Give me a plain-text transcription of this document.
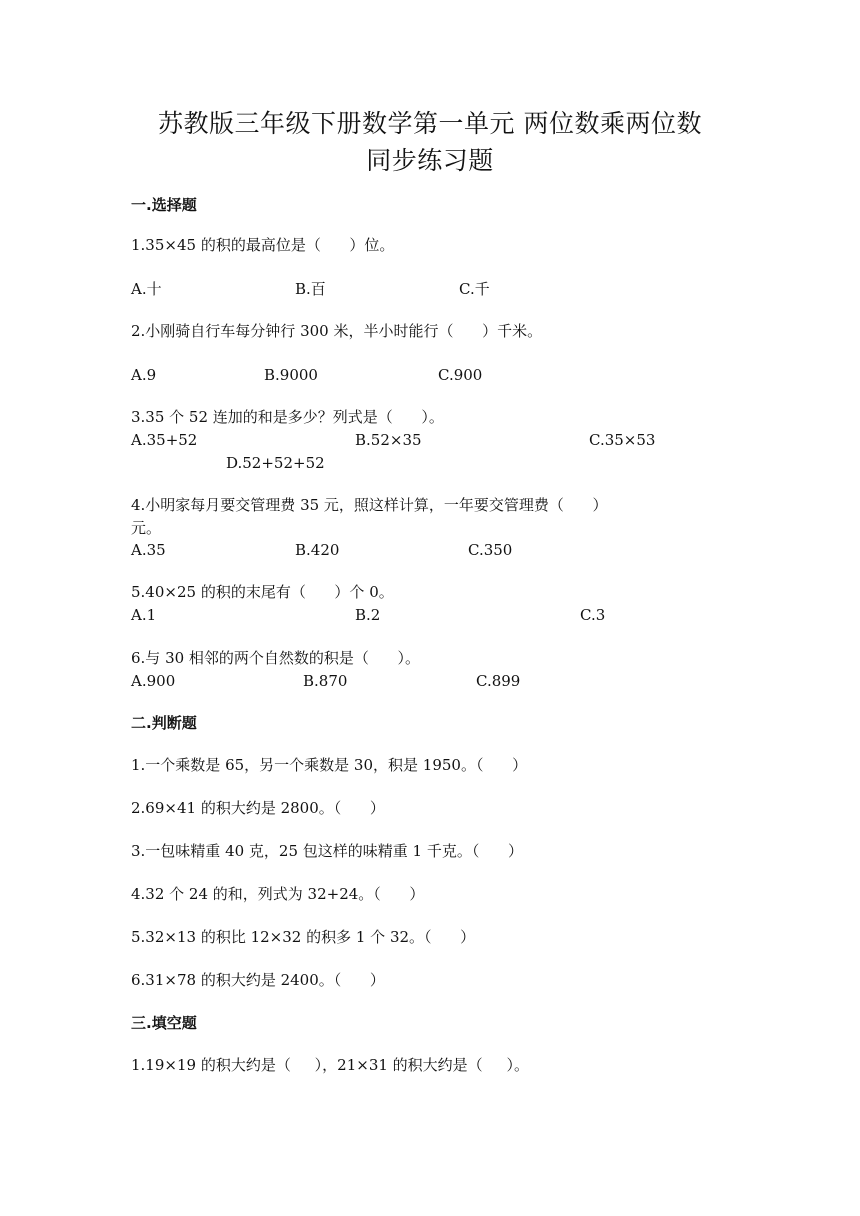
苏教版三年级下册数学第一单元 两位数乘两位数
同步练习题
一.选择题
1.35×45 的积的最高位是（      ）位。
A.十	B.百	C.千
2.小刚骑自行车每分钟行 300 米，半小时能行（      ）千米。
A.9	B.9000	C.900
3.35 个 52 连加的和是多少？列式是（      ）。
A.35+52	B.52×35	C.35×53
D.52+52+52
4.小明家每月要交管理费 35 元，照这样计算，一年要交管理费（      ）
元。
A.35	B.420	C.350
5.40×25 的积的末尾有（      ）个 0。
A.1	B.2	C.3
6.与 30 相邻的两个自然数的积是（      ）。
A.900	B.870	C.899
二.判断题
1.一个乘数是 65，另一个乘数是 30，积是 1950。（      ）
2.69×41 的积大约是 2800。（      ）
3.一包味精重 40 克，25 包这样的味精重 1 千克。（      ）
4.32 个 24 的和，列式为 32+24。（      ）
5.32×13 的积比 12×32 的积多 1 个 32。（      ）
6.31×78 的积大约是 2400。（      ）
三.填空题
1.19×19 的积大约是（     ），21×31 的积大约是（     ）。
